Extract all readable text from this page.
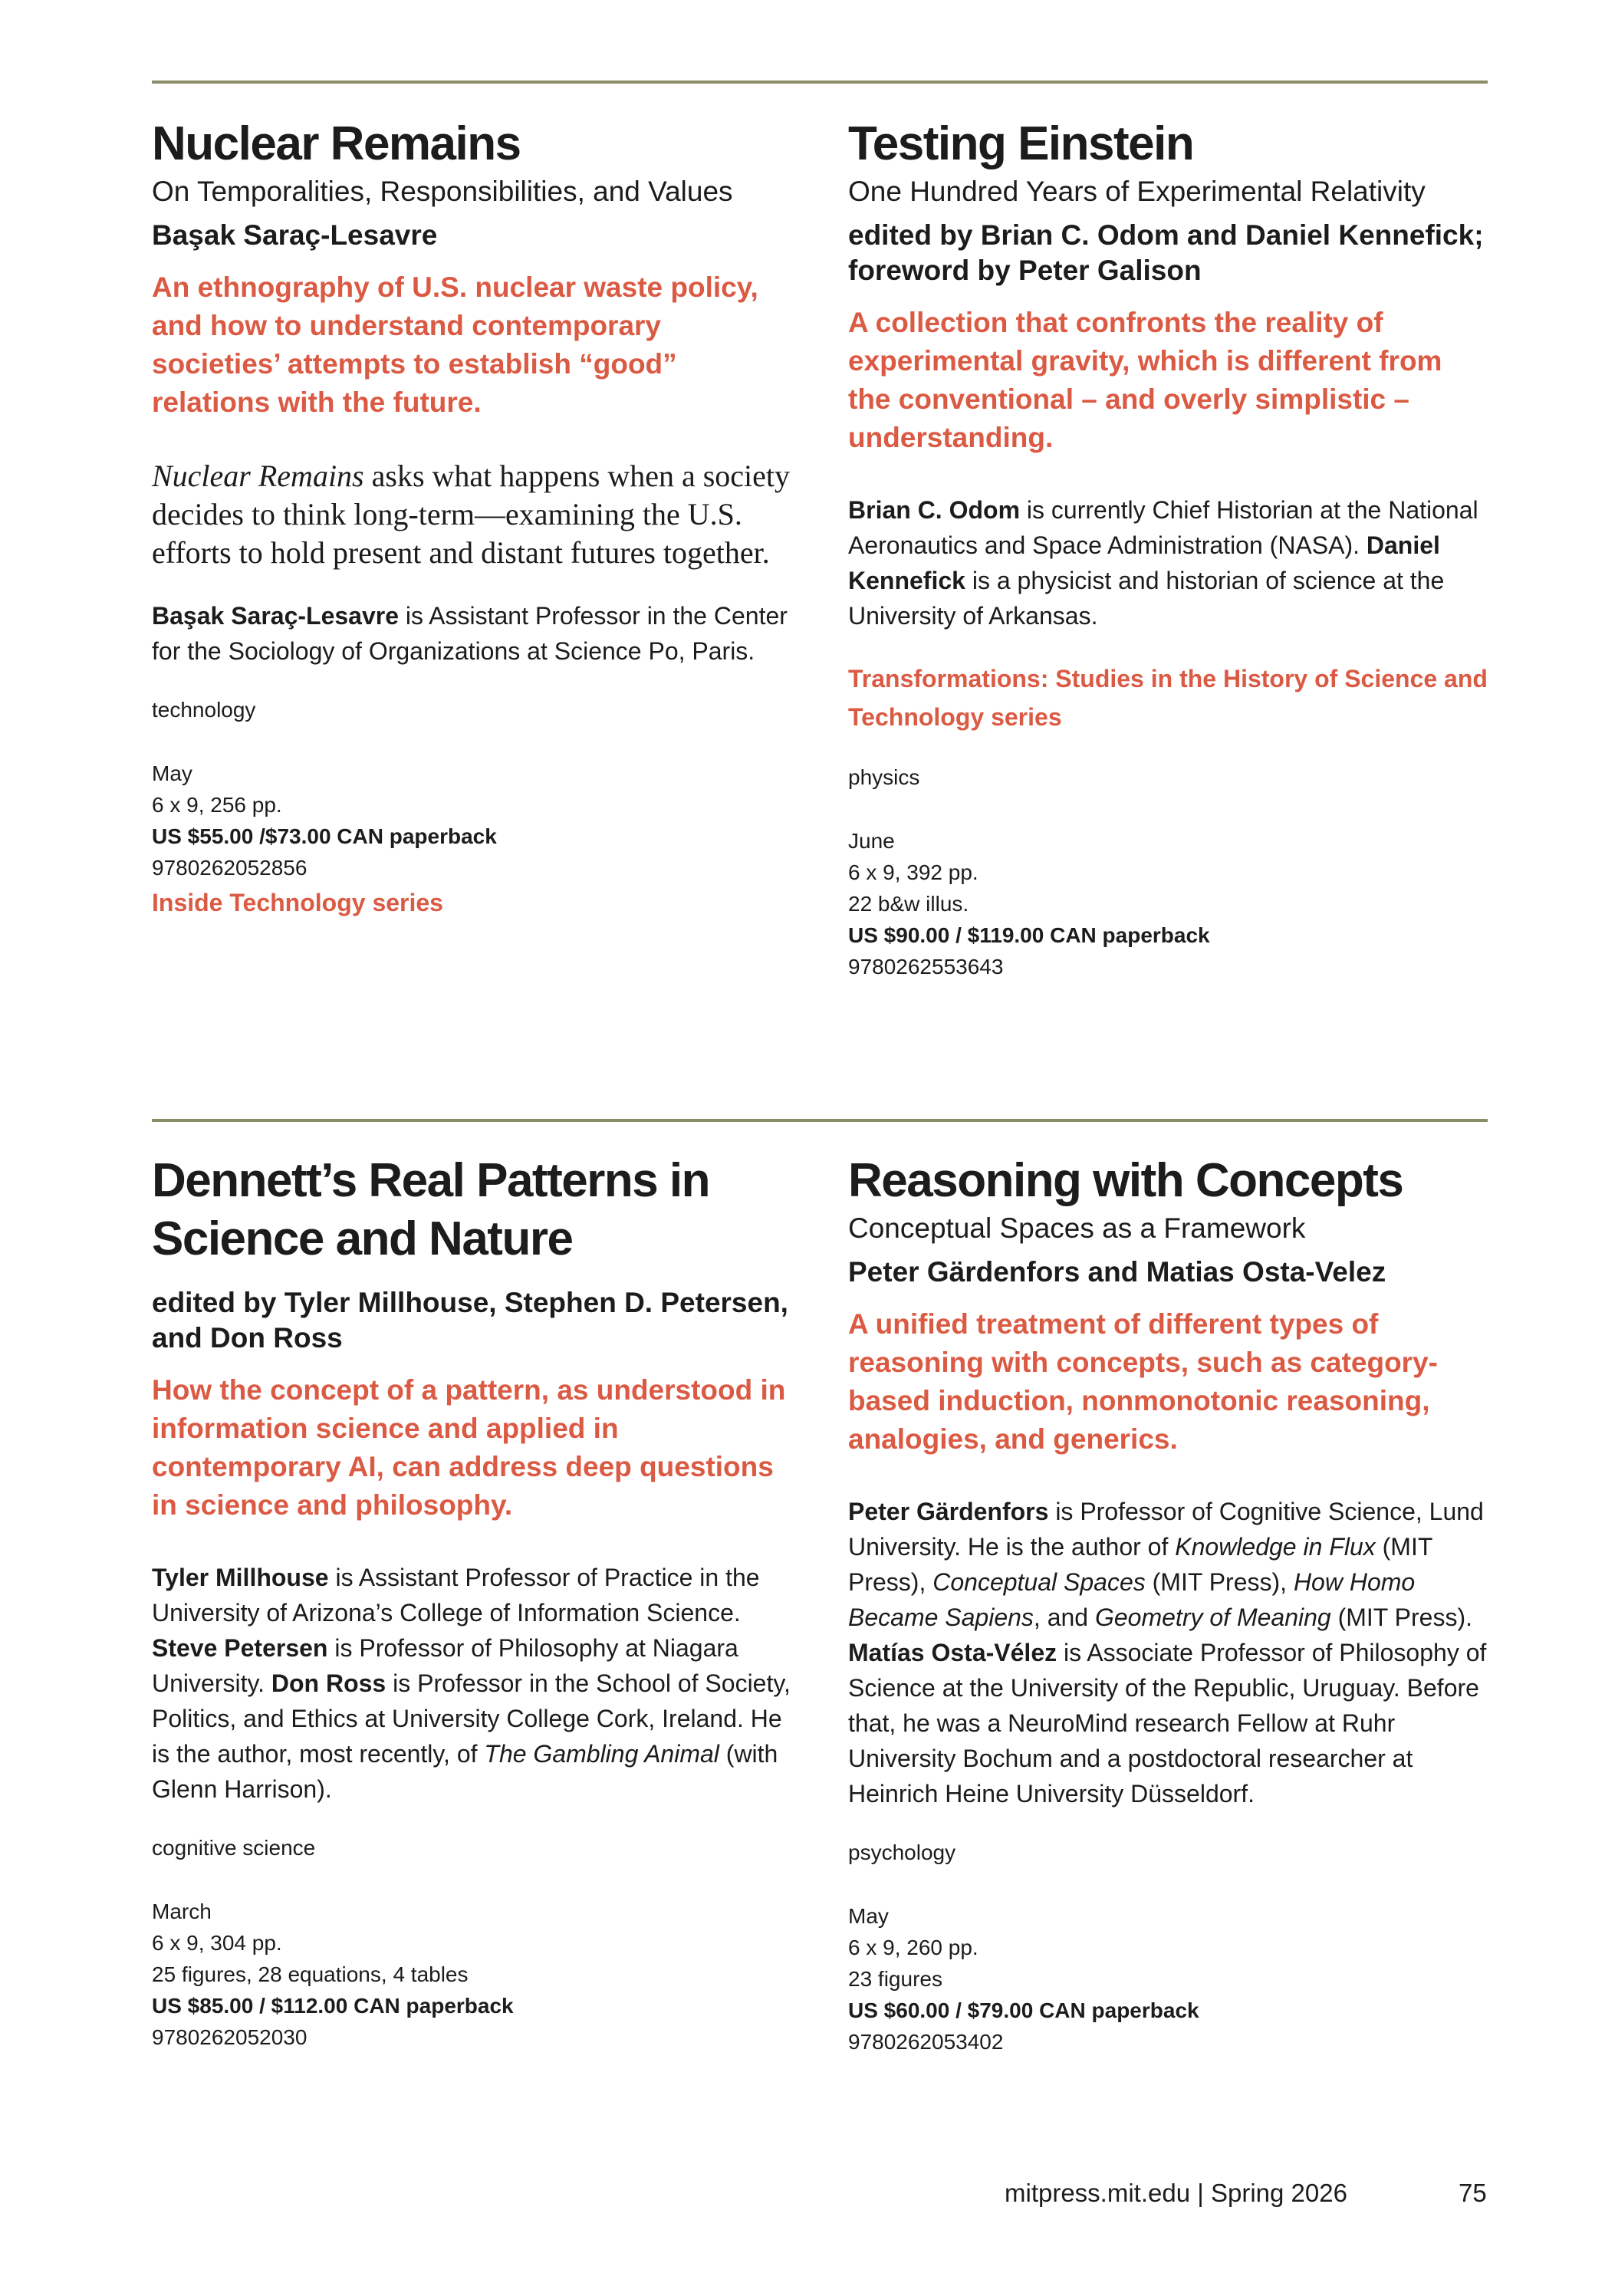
Nuclear Remains

On Temporalities, Responsibilities, and Values

Başak Saraç-Lesavre

An ethnography of U.S. nuclear waste policy, and how to understand contemporary societies’ attempts to establish “good” relations with the future.

Nuclear Remains asks what happens when a society decides to think long-term—examining the U.S. efforts to hold present and distant futures together.

Başak Saraç-Lesavre is Assistant Professor in the Center for the Sociology of Organizations at Science Po, Paris.

technology

May
6 x 9, 256 pp.
US $55.00 /$73.00 CAN paperback
9780262052856
Inside Technology series
Testing Einstein

One Hundred Years of Experimental Relativity

edited by Brian C. Odom and Daniel Kennefick; foreword by Peter Galison

A collection that confronts the reality of experimental gravity, which is different from the conventional – and overly simplistic – understanding.

Brian C. Odom is currently Chief Historian at the National Aeronautics and Space Administration (NASA). Daniel Kennefick is a physicist and historian of science at the University of Arkansas.

Transformations: Studies in the History of Science and Technology series

physics

June
6 x 9, 392 pp.
22 b&w illus.
US $90.00 / $119.00 CAN paperback
9780262553643
Dennett’s Real Patterns in Science and Nature

edited by Tyler Millhouse, Stephen D. Petersen, and Don Ross

How the concept of a pattern, as understood in information science and applied in contemporary AI, can address deep questions in science and philosophy.

Tyler Millhouse is Assistant Professor of Practice in the University of Arizona’s College of Information Science. Steve Petersen is Professor of Philosophy at Niagara University. Don Ross is Professor in the School of Society, Politics, and Ethics at University College Cork, Ireland. He is the author, most recently, of The Gambling Animal (with Glenn Harrison).

cognitive science

March
6 x 9, 304 pp.
25 figures, 28 equations, 4 tables
US $85.00 / $112.00 CAN paperback
9780262052030
Reasoning with Concepts

Conceptual Spaces as a Framework

Peter Gärdenfors and Matias Osta-Velez

A unified treatment of different types of reasoning with concepts, such as category-based induction, nonmonotonic reasoning, analogies, and generics.

Peter Gärdenfors is Professor of Cognitive Science, Lund University. He is the author of Knowledge in Flux (MIT Press), Conceptual Spaces (MIT Press), How Homo Became Sapiens, and Geometry of Meaning (MIT Press). Matías Osta-Vélez is Associate Professor of Philosophy of Science at the University of the Republic, Uruguay. Before that, he was a NeuroMind research Fellow at Ruhr University Bochum and a postdoctoral researcher at Heinrich Heine University Düsseldorf.

psychology

May
6 x 9, 260 pp.
23 figures
US $60.00 / $79.00 CAN paperback
9780262053402
mitpress.mit.edu | Spring 2026	75
